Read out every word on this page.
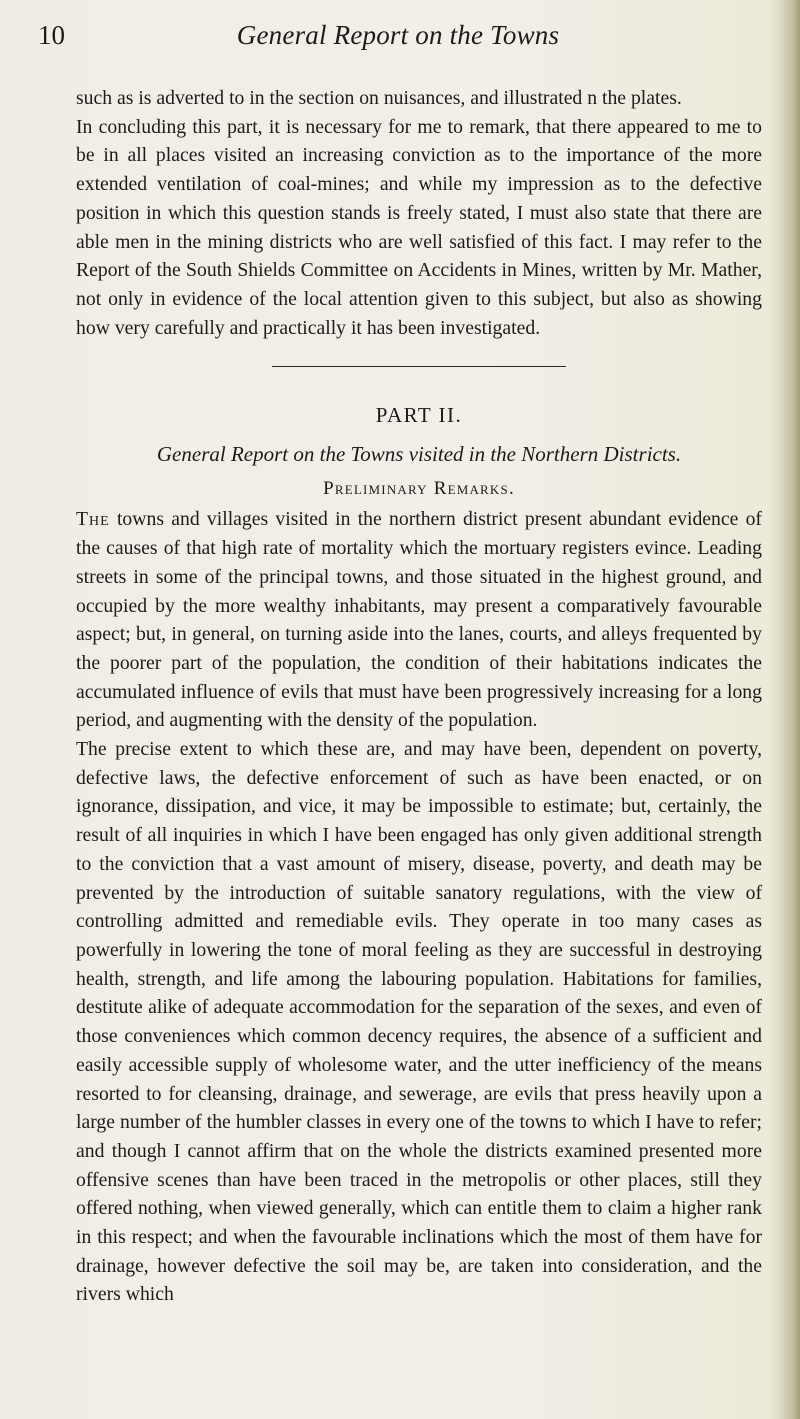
10	General Report on the Towns

such as is adverted to in the section on nuisances, and illustrated n the plates.

In concluding this part, it is necessary for me to remark, that there appeared to me to be in all places visited an increasing conviction as to the importance of the more extended ventilation of coal-mines; and while my impression as to the defective position in which this question stands is freely stated, I must also state that there are able men in the mining districts who are well satisfied of this fact. I may refer to the Report of the South Shields Committee on Accidents in Mines, written by Mr. Mather, not only in evidence of the local attention given to this subject, but also as showing how very carefully and practically it has been investigated.

PART II.
General Report on the Towns visited in the Northern Districts.
Preliminary Remarks.

The towns and villages visited in the northern district present abundant evidence of the causes of that high rate of mortality which the mortuary registers evince. Leading streets in some of the principal towns, and those situated in the highest ground, and occupied by the more wealthy inhabitants, may present a comparatively favourable aspect; but, in general, on turning aside into the lanes, courts, and alleys frequented by the poorer part of the population, the condition of their habitations indicates the accumulated influence of evils that must have been progressively increasing for a long period, and augmenting with the density of the population.

The precise extent to which these are, and may have been, dependent on poverty, defective laws, the defective enforcement of such as have been enacted, or on ignorance, dissipation, and vice, it may be impossible to estimate; but, certainly, the result of all inquiries in which I have been engaged has only given additional strength to the conviction that a vast amount of misery, disease, poverty, and death may be prevented by the introduction of suitable sanatory regulations, with the view of controlling admitted and remediable evils. They operate in too many cases as powerfully in lowering the tone of moral feeling as they are successful in destroying health, strength, and life among the labouring population. Habitations for families, destitute alike of adequate accommodation for the separation of the sexes, and even of those conveniences which common decency requires, the absence of a sufficient and easily accessible supply of wholesome water, and the utter inefficiency of the means resorted to for cleansing, drainage, and sewerage, are evils that press heavily upon a large number of the humbler classes in every one of the towns to which I have to refer; and though I cannot affirm that on the whole the districts examined presented more offensive scenes than have been traced in the metropolis or other places, still they offered nothing, when viewed generally, which can entitle them to claim a higher rank in this respect; and when the favourable inclinations which the most of them have for drainage, however defective the soil may be, are taken into consideration, and the rivers which
